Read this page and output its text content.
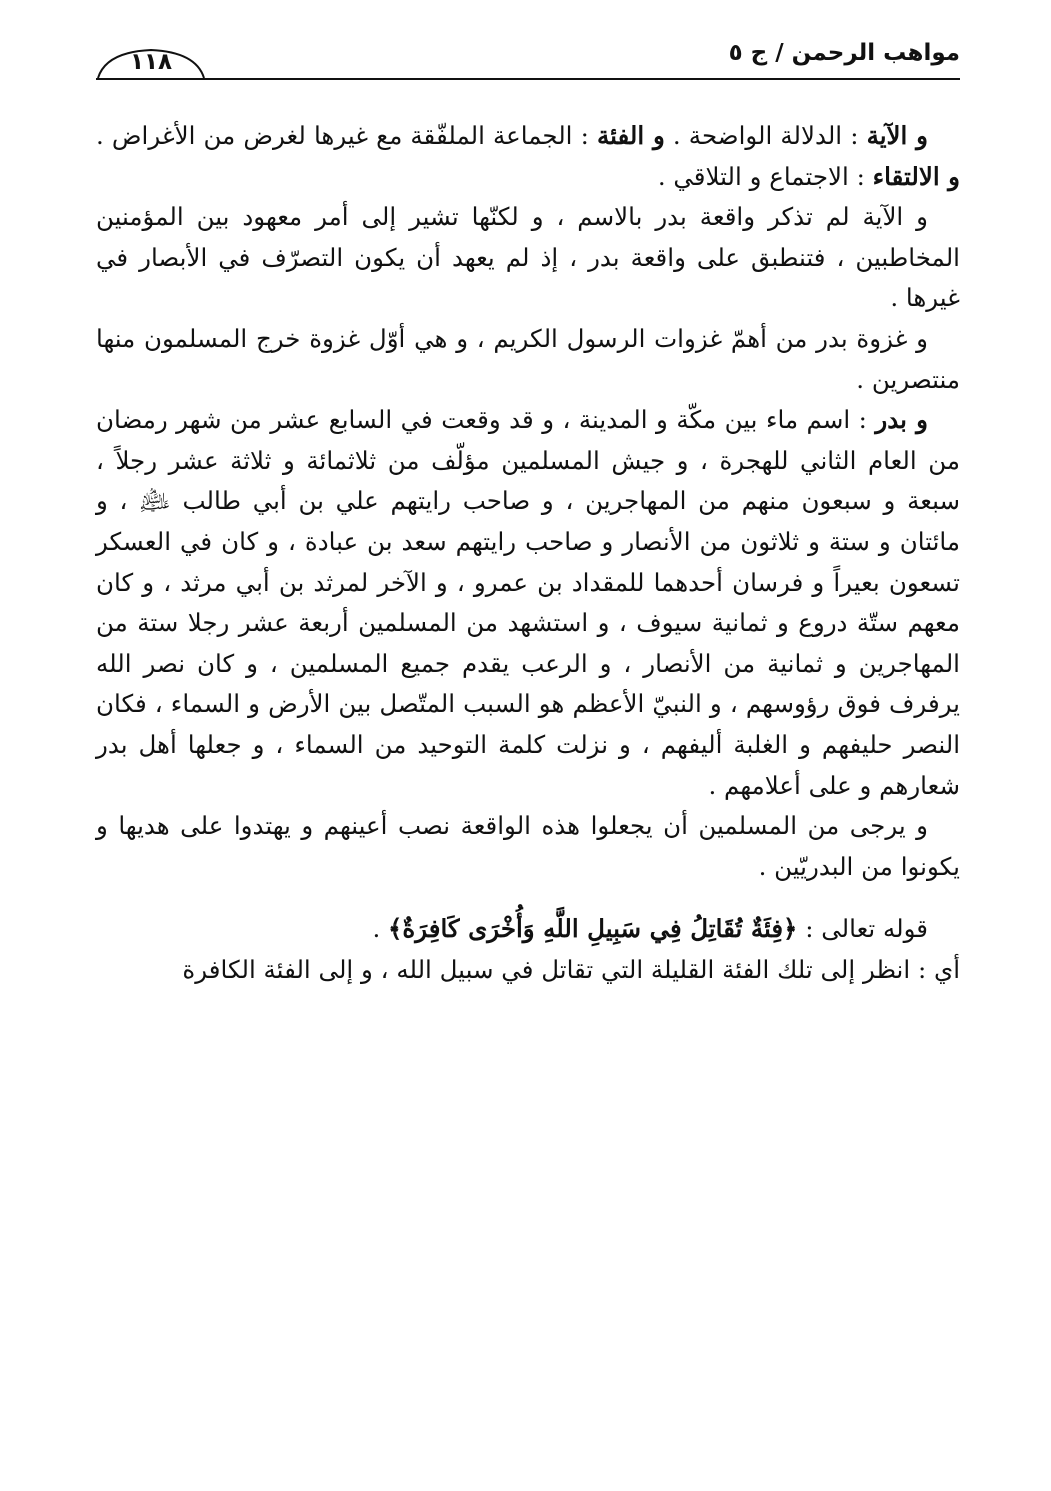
مواهب الرحمن / ج ٥
١١٨

و الآية : الدلالة الواضحة . و الفئة : الجماعة الملفّقة مع غيرها لغرض من الأغراض . و الالتقاء : الاجتماع و التلاقي .

و الآية لم تذكر واقعة بدر بالاسم ، و لكنّها تشير إلى أمر معهود بين المؤمنين المخاطبين ، فتنطبق على واقعة بدر ، إذ لم يعهد أن يكون التصرّف في الأبصار في غيرها .

و غزوة بدر من أهمّ غزوات الرسول الكريم ، و هي أوّل غزوة خرج المسلمون منها منتصرين .

و بدر : اسم ماء بين مكّة و المدينة ، و قد وقعت في السابع عشر من شهر رمضان من العام الثاني للهجرة ، و جيش المسلمين مؤلّف من ثلاثمائة و ثلاثة عشر رجلاً ، سبعة و سبعون منهم من المهاجرين ، و صاحب رايتهم علي بن أبي طالب ﵇ ، و مائتان و ستة و ثلاثون من الأنصار و صاحب رايتهم سعد بن عبادة ، و كان في العسكر تسعون بعيراً و فرسان أحدهما للمقداد بن عمرو ، و الآخر لمرثد بن أبي مرثد ، و كان معهم ستّة دروع و ثمانية سيوف ، و استشهد من المسلمين أربعة عشر رجلا ستة من المهاجرين و ثمانية من الأنصار ، و الرعب يقدم جميع المسلمين ، و كان نصر الله يرفرف فوق رؤوسهم ، و النبيّ الأعظم هو السبب المتّصل بين الأرض و السماء ، فكان النصر حليفهم و الغلبة أليفهم ، و نزلت كلمة التوحيد من السماء ، و جعلها أهل بدر شعارهم و على أعلامهم .

و يرجى من المسلمين أن يجعلوا هذه الواقعة نصب أعينهم و يهتدوا على هديها و يكونوا من البدريّين .

قوله تعالى : ﴿فِئَةٌ تُقَاتِلُ فِي سَبِيلِ اللَّهِ وَأُخْرَى كَافِرَةٌ﴾ .

أي : انظر إلى تلك الفئة القليلة التي تقاتل في سبيل الله ، و إلى الفئة الكافرة
